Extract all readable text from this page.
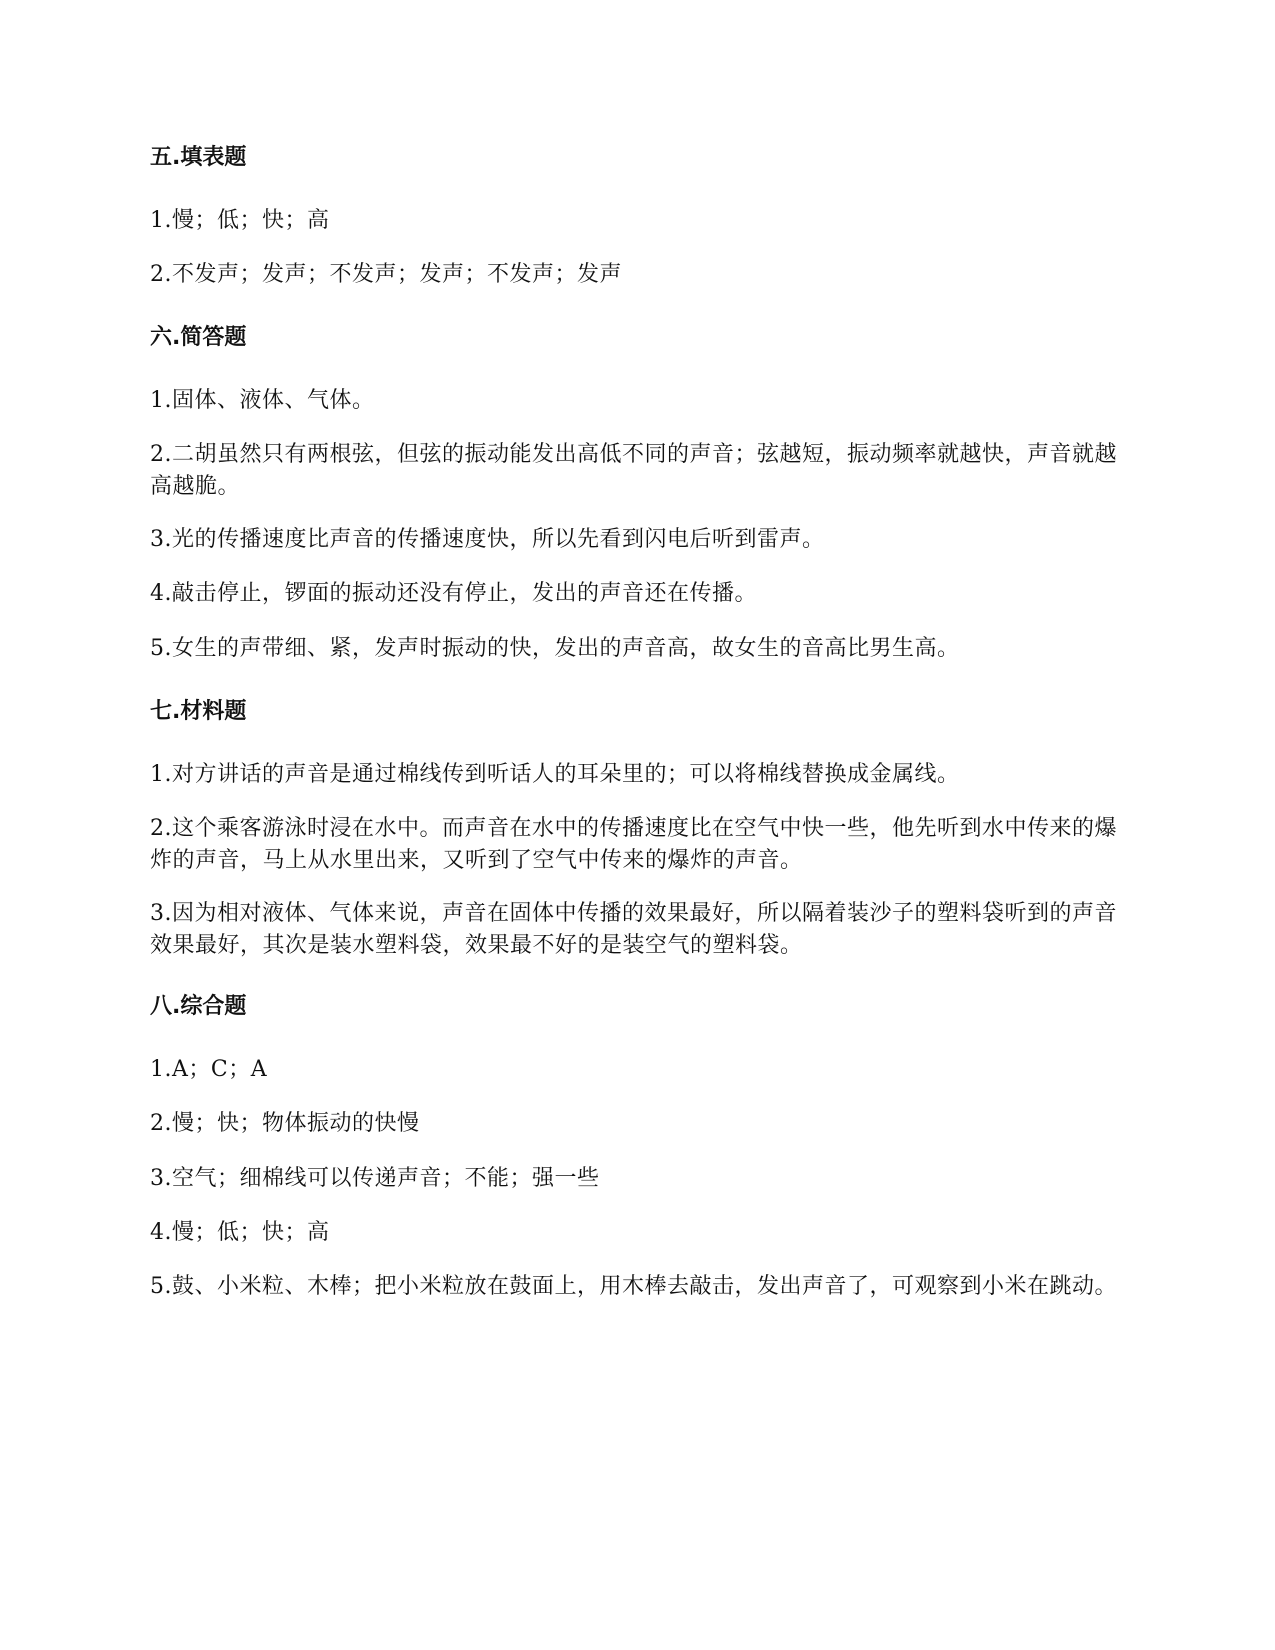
五.填表题
1.慢；低；快；高
2.不发声；发声；不发声；发声；不发声；发声
六.简答题
1.固体、液体、气体。
2.二胡虽然只有两根弦，但弦的振动能发出高低不同的声音；弦越短，振动频率就越快，声音就越高越脆。
3.光的传播速度比声音的传播速度快，所以先看到闪电后听到雷声。
4.敲击停止，锣面的振动还没有停止，发出的声音还在传播。
5.女生的声带细、紧，发声时振动的快，发出的声音高，故女生的音高比男生高。
七.材料题
1.对方讲话的声音是通过棉线传到听话人的耳朵里的；可以将棉线替换成金属线。
2.这个乘客游泳时浸在水中。而声音在水中的传播速度比在空气中快一些，他先听到水中传来的爆炸的声音，马上从水里出来，又听到了空气中传来的爆炸的声音。
3.因为相对液体、气体来说，声音在固体中传播的效果最好，所以隔着装沙子的塑料袋听到的声音效果最好，其次是装水塑料袋，效果最不好的是装空气的塑料袋。
八.综合题
1.A；C；A
2.慢；快；物体振动的快慢
3.空气；细棉线可以传递声音；不能；强一些
4.慢；低；快；高
5.鼓、小米粒、木棒；把小米粒放在鼓面上，用木棒去敲击，发出声音了，可观察到小米在跳动。
